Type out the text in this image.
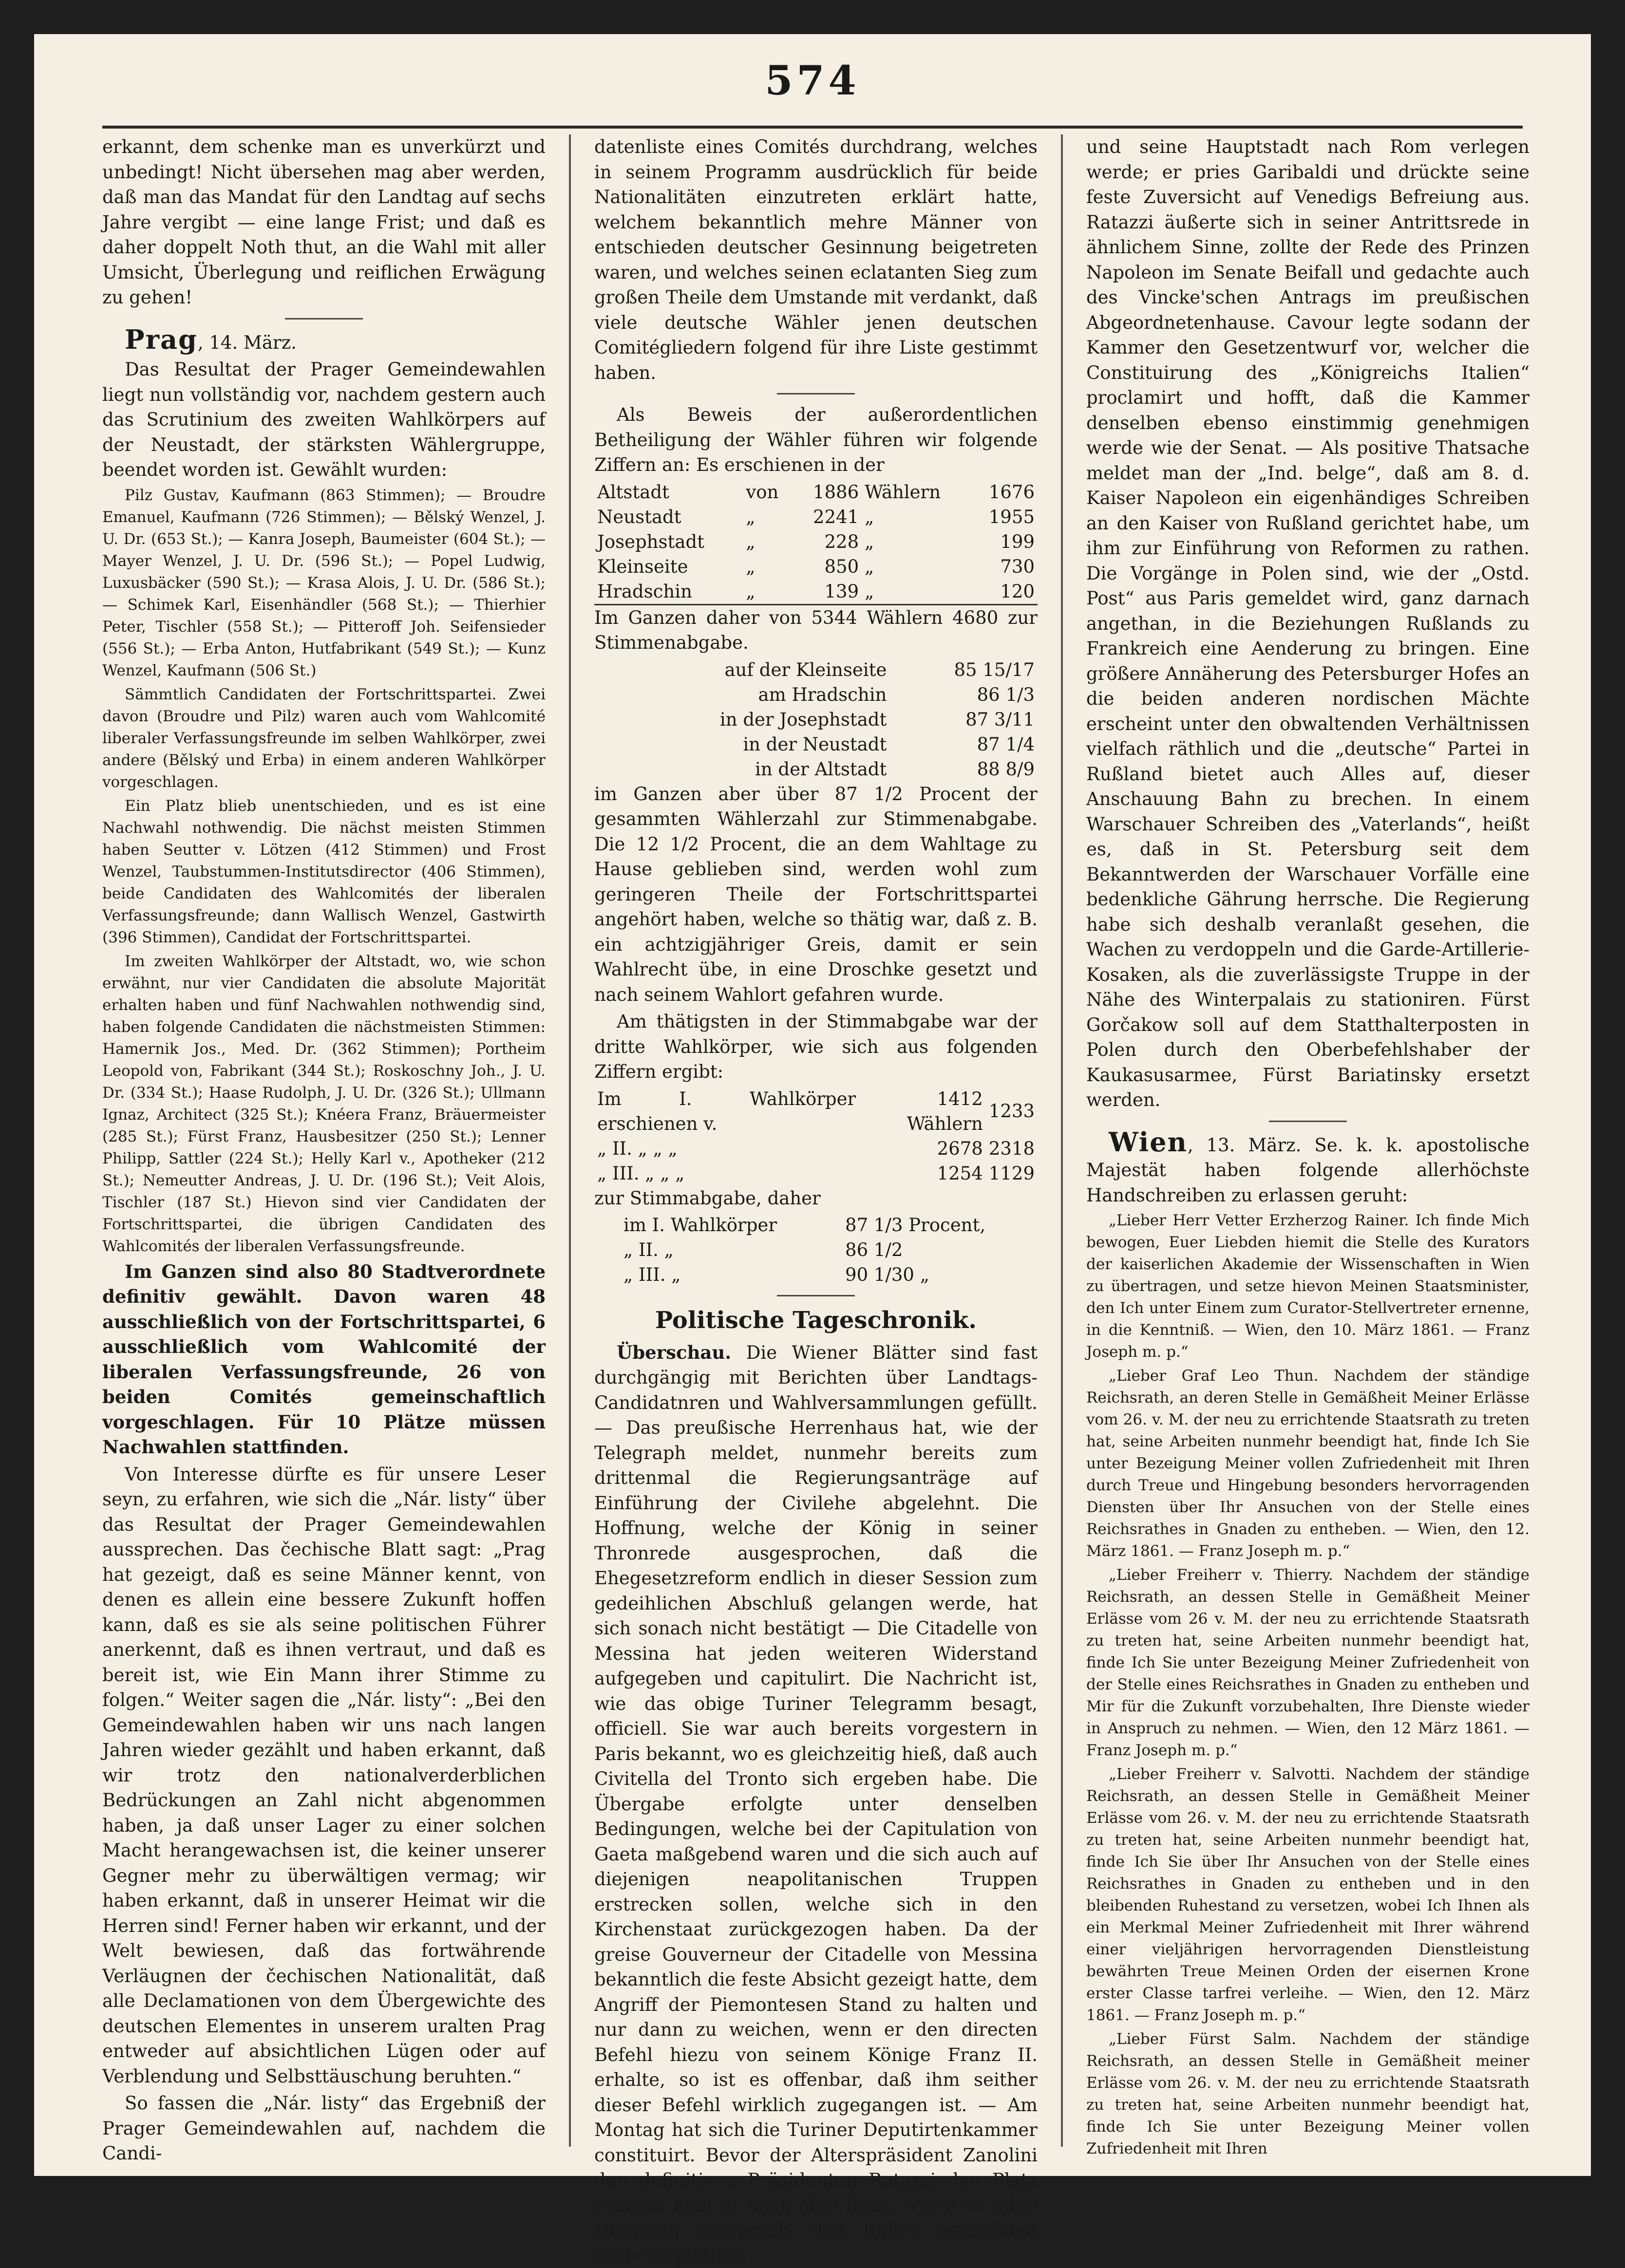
574

erkannt, dem schenke man es unverkürzt und unbedingt! Nicht übersehen mag aber werden, daß man das Mandat für den Landtag auf sechs Jahre vergibt — eine lange Frist; und daß es daher doppelt Noth thut, an die Wahl mit aller Umsicht, Überlegung und reiflichen Erwägung zu gehen!

Prag, 14. März.

Das Resultat der Prager Gemeindewahlen liegt nun vollständig vor, nachdem gestern auch das Scrutinium des zweiten Wahlkörpers auf der Neustadt, der stärksten Wählergruppe, beendet worden ist. Gewählt wurden:

Pilz Gustav, Kaufmann (863 Stimmen); — Broudre Emanuel, Kaufmann (726 Stimmen); — Bělský Wenzel, J. U. Dr. (653 St.); — Kanra Joseph, Baumeister (604 St.); — Mayer Wenzel, J. U. Dr. (596 St.); — Popel Ludwig, Luxusbäcker (590 St.); — Krasa Alois, J. U. Dr. (586 St.); — Schimek Karl, Eisenhändler (568 St.); — Thierhier Peter, Tischler (558 St.); — Pitteroff Joh. Seifensieder (556 St.); — Erba Anton, Hutfabrikant (549 St.); — Kunz Wenzel, Kaufmann (506 St.)

Sämmtlich Candidaten der Fortschrittspartei. Zwei davon (Broudre und Pilz) waren auch vom Wahlcomité liberaler Verfassungsfreunde im selben Wahlkörper, zwei andere (Bělský und Erba) in einem anderen Wahlkörper vorgeschlagen.

Ein Platz blieb unentschieden, und es ist eine Nachwahl nothwendig. Die nächst meisten Stimmen haben Seutter v. Lötzen (412 Stimmen) und Frost Wenzel, Taubstummen-Institutsdirector (406 Stimmen), beide Candidaten des Wahlcomités der liberalen Verfassungsfreunde; dann Wallisch Wenzel, Gastwirth (396 Stimmen), Candidat der Fortschrittspartei.

Im zweiten Wahlkörper der Altstadt, wo, wie schon erwähnt, nur vier Candidaten die absolute Majorität erhalten haben und fünf Nachwahlen nothwendig sind, haben folgende Candidaten die nächstmeisten Stimmen: Hamernik Jos., Med. Dr. (362 Stimmen); Portheim Leopold von, Fabrikant (344 St.); Roskoschny Joh., J. U. Dr. (334 St.); Haase Rudolph, J. U. Dr. (326 St.); Ullmann Ignaz, Architect (325 St.); Knéera Franz, Bräuermeister (285 St.); Fürst Franz, Hausbesitzer (250 St.); Lenner Philipp, Sattler (224 St.); Helly Karl v., Apotheker (212 St.); Nemeutter Andreas, J. U. Dr. (196 St.); Veit Alois, Tischler (187 St.) Hievon sind vier Candidaten der Fortschrittspartei, die übrigen Candidaten des Wahlcomités der liberalen Verfassungsfreunde.

Im Ganzen sind also 80 Stadtverordnete definitiv gewählt. Davon waren 48 ausschließlich von der Fortschrittspartei, 6 ausschließlich vom Wahlcomité der liberalen Verfassungsfreunde, 26 von beiden Comités gemeinschaftlich vorgeschlagen. Für 10 Plätze müssen Nachwahlen stattfinden.

Von Interesse dürfte es für unsere Leser seyn, zu erfahren, wie sich die „Nár. listy“ über das Resultat der Prager Gemeindewahlen aussprechen. Das čechische Blatt sagt: „Prag hat gezeigt, daß es seine Männer kennt, von denen es allein eine bessere Zukunft hoffen kann, daß es sie als seine politischen Führer anerkennt, daß es ihnen vertraut, und daß es bereit ist, wie Ein Mann ihrer Stimme zu folgen.“ Weiter sagen die „Nár. listy“: „Bei den Gemeindewahlen haben wir uns nach langen Jahren wieder gezählt und haben erkannt, daß wir trotz den nationalverderblichen Bedrückungen an Zahl nicht abgenommen haben, ja daß unser Lager zu einer solchen Macht herangewachsen ist, die keiner unserer Gegner mehr zu überwältigen vermag; wir haben erkannt, daß in unserer Heimat wir die Herren sind! Ferner haben wir erkannt, und der Welt bewiesen, daß das fortwährende Verläugnen der čechischen Nationalität, daß alle Declamationen von dem Übergewichte des deutschen Elementes in unserem uralten Prag entweder auf absichtlichen Lügen oder auf Verblendung und Selbsttäuschung beruhten.“

So fassen die „Nár. listy“ das Ergebniß der Prager Gemeindewahlen auf, nachdem die Candi-

datenliste eines Comités durchdrang, welches in seinem Programm ausdrücklich für beide Nationalitäten einzutreten erklärt hatte, welchem bekanntlich mehre Männer von entschieden deutscher Gesinnung beigetreten waren, und welches seinen eclatanten Sieg zum großen Theile dem Umstande mit verdankt, daß viele deutsche Wähler jenen deutschen Comitégliedern folgend für ihre Liste gestimmt haben.

Als Beweis der außerordentlichen Betheiligung der Wähler führen wir folgende Ziffern an: Es erschienen in der

Altstadt	von	1886	Wählern	1676
Neustadt	„	2241	„	1955
Josephstadt	„	228	„	199
Kleinseite	„	850	„	730
Hradschin	„	139	„	120

Im Ganzen daher von 5344 Wählern 4680 zur Stimmenabgabe.

auf der Kleinseite	85 15/17
am Hradschin	86 1/3
in der Josephstadt	87 3/11
in der Neustadt	87 1/4
in der Altstadt	88 8/9

im Ganzen aber über 87 1/2 Procent der gesammten Wählerzahl zur Stimmenabgabe. Die 12 1/2 Procent, die an dem Wahltage zu Hause geblieben sind, werden wohl zum geringeren Theile der Fortschrittspartei angehört haben, welche so thätig war, daß z. B. ein achtzigjähriger Greis, damit er sein Wahlrecht übe, in eine Droschke gesetzt und nach seinem Wahlort gefahren wurde.

Am thätigsten in der Stimmabgabe war der dritte Wahlkörper, wie sich aus folgenden Ziffern ergibt:

Im I. Wahlkörper erschienen v.	1412 Wählern	1233
„ II. „ „ „	2678	2318
„ III. „ „ „	1254	1129

zur Stimmabgabe, daher

im I. Wahlkörper	87 1/3 Procent,
„ II. „	86 1/2
„ III. „	90 1/30 „
Politische Tageschronik.

Überschau. Die Wiener Blätter sind fast durchgängig mit Berichten über Landtags-Candidatnren und Wahlversammlungen gefüllt. — Das preußische Herrenhaus hat, wie der Telegraph meldet, nunmehr bereits zum drittenmal die Regierungsanträge auf Einführung der Civilehe abgelehnt. Die Hoffnung, welche der König in seiner Thronrede ausgesprochen, daß die Ehegesetzreform endlich in dieser Session zum gedeihlichen Abschluß gelangen werde, hat sich sonach nicht bestätigt — Die Citadelle von Messina hat jeden weiteren Widerstand aufgegeben und capitulirt. Die Nachricht ist, wie das obige Turiner Telegramm besagt, officiell. Sie war auch bereits vorgestern in Paris bekannt, wo es gleichzeitig hieß, daß auch Civitella del Tronto sich ergeben habe. Die Übergabe erfolgte unter denselben Bedingungen, welche bei der Capitulation von Gaeta maßgebend waren und die sich auch auf diejenigen neapolitanischen Truppen erstrecken sollen, welche sich in den Kirchenstaat zurückgezogen haben. Da der greise Gouverneur der Citadelle von Messina bekanntlich die feste Absicht gezeigt hatte, dem Angriff der Piemontesen Stand zu halten und nur dann zu weichen, wenn er den directen Befehl hiezu von seinem Könige Franz II. erhalte, so ist es offenbar, daß ihm seither dieser Befehl wirklich zugegangen ist. — Am Montag hat sich die Turiner Deputirtenkammer constituirt. Bevor der Alterspräsident Zanolini den definitiven Präsidenten Ratazzi den Platz räumte, hielt er noch eine Rede, worin er seine Hoffnung aussprach, daß Italien demnächst sich completiren

und seine Hauptstadt nach Rom verlegen werde; er pries Garibaldi und drückte seine feste Zuversicht auf Venedigs Befreiung aus. Ratazzi äußerte sich in seiner Antrittsrede in ähnlichem Sinne, zollte der Rede des Prinzen Napoleon im Senate Beifall und gedachte auch des Vincke'schen Antrags im preußischen Abgeordnetenhause. Cavour legte sodann der Kammer den Gesetzentwurf vor, welcher die Constituirung des „Königreichs Italien“ proclamirt und hofft, daß die Kammer denselben ebenso einstimmig genehmigen werde wie der Senat. — Als positive Thatsache meldet man der „Ind. belge“, daß am 8. d. Kaiser Napoleon ein eigenhändiges Schreiben an den Kaiser von Rußland gerichtet habe, um ihm zur Einführung von Reformen zu rathen. Die Vorgänge in Polen sind, wie der „Ostd. Post“ aus Paris gemeldet wird, ganz darnach angethan, in die Beziehungen Rußlands zu Frankreich eine Aenderung zu bringen. Eine größere Annäherung des Petersburger Hofes an die beiden anderen nordischen Mächte erscheint unter den obwaltenden Verhältnissen vielfach räthlich und die „deutsche“ Partei in Rußland bietet auch Alles auf, dieser Anschauung Bahn zu brechen. In einem Warschauer Schreiben des „Vaterlands“, heißt es, daß in St. Petersburg seit dem Bekanntwerden der Warschauer Vorfälle eine bedenkliche Gährung herrsche. Die Regierung habe sich deshalb veranlaßt gesehen, die Wachen zu verdoppeln und die Garde-Artillerie-Kosaken, als die zuverlässigste Truppe in der Nähe des Winterpalais zu stationiren. Fürst Gorčakow soll auf dem Statthalterposten in Polen durch den Oberbefehlshaber der Kaukasusarmee, Fürst Bariatinsky ersetzt werden.

Wien, 13. März. Se. k. k. apostolische Majestät haben folgende allerhöchste Handschreiben zu erlassen geruht:

„Lieber Herr Vetter Erzherzog Rainer. Ich finde Mich bewogen, Euer Liebden hiemit die Stelle des Kurators der kaiserlichen Akademie der Wissenschaften in Wien zu übertragen, und setze hievon Meinen Staatsminister, den Ich unter Einem zum Curator-Stellvertreter ernenne, in die Kenntniß. — Wien, den 10. März 1861. — Franz Joseph m. p.“

„Lieber Graf Leo Thun. Nachdem der ständige Reichsrath, an deren Stelle in Gemäßheit Meiner Erlässe vom 26. v. M. der neu zu errichtende Staatsrath zu treten hat, seine Arbeiten nunmehr beendigt hat, finde Ich Sie unter Bezeigung Meiner vollen Zufriedenheit mit Ihren durch Treue und Hingebung besonders hervorragenden Diensten über Ihr Ansuchen von der Stelle eines Reichsrathes in Gnaden zu entheben. — Wien, den 12. März 1861. — Franz Joseph m. p.“

„Lieber Freiherr v. Thierry. Nachdem der ständige Reichsrath, an dessen Stelle in Gemäßheit Meiner Erlässe vom 26 v. M. der neu zu errichtende Staatsrath zu treten hat, seine Arbeiten nunmehr beendigt hat, finde Ich Sie unter Bezeigung Meiner Zufriedenheit von der Stelle eines Reichsrathes in Gnaden zu entheben und Mir für die Zukunft vorzubehalten, Ihre Dienste wieder in Anspruch zu nehmen. — Wien, den 12 März 1861. — Franz Joseph m. p.“

„Lieber Freiherr v. Salvotti. Nachdem der ständige Reichsrath, an dessen Stelle in Gemäßheit Meiner Erlässe vom 26. v. M. der neu zu errichtende Staatsrath zu treten hat, seine Arbeiten nunmehr beendigt hat, finde Ich Sie über Ihr Ansuchen von der Stelle eines Reichsrathes in Gnaden zu entheben und in den bleibenden Ruhestand zu versetzen, wobei Ich Ihnen als ein Merkmal Meiner Zufriedenheit mit Ihrer während einer vieljährigen hervorragenden Dienstleistung bewährten Treue Meinen Orden der eisernen Krone erster Classe tarfrei verleihe. — Wien, den 12. März 1861. — Franz Joseph m. p.“

„Lieber Fürst Salm. Nachdem der ständige Reichsrath, an dessen Stelle in Gemäßheit meiner Erlässe vom 26. v. M. der neu zu errichtende Staatsrath zu treten hat, seine Arbeiten nunmehr beendigt hat, finde Ich Sie unter Bezeigung Meiner vollen Zufriedenheit mit Ihren
